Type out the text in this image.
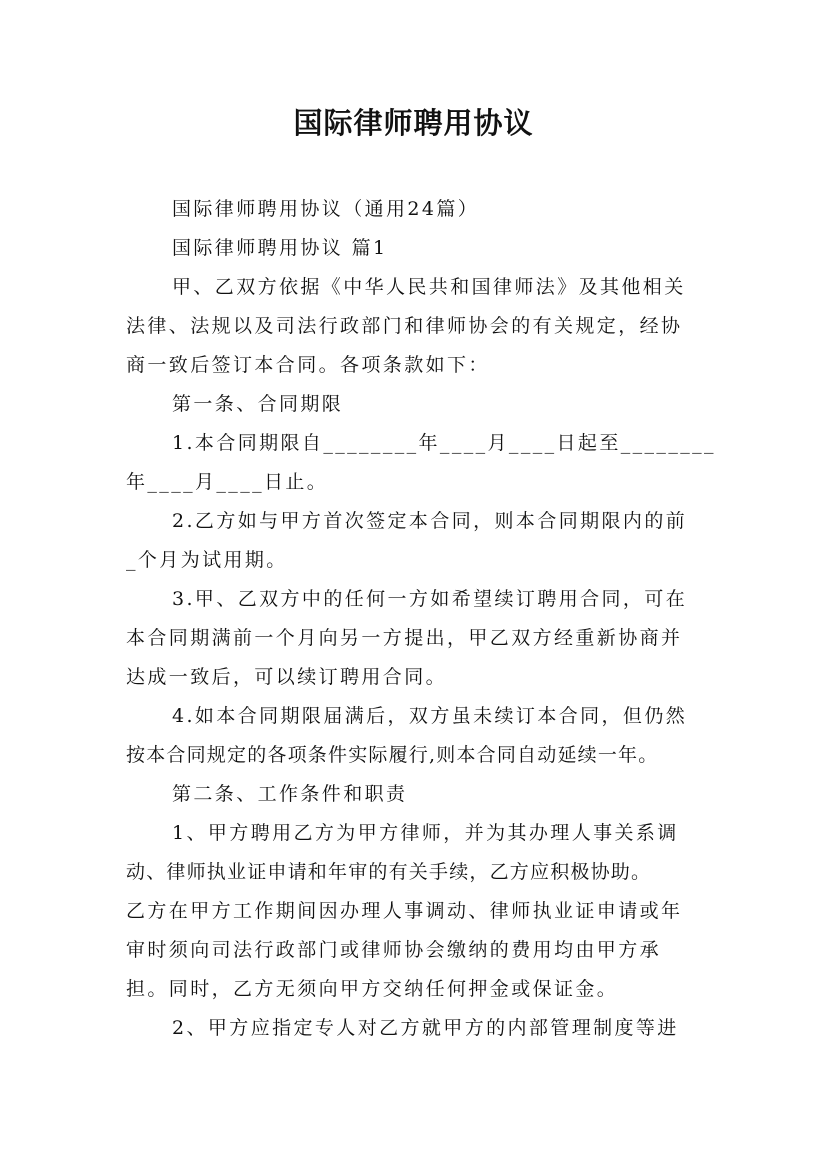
国际律师聘用协议
国际律师聘用协议（通用24篇）
国际律师聘用协议 篇1
甲、乙双方依据《中华人民共和国律师法》及其他相关
法律、法规以及司法行政部门和律师协会的有关规定，经协
商一致后签订本合同。各项条款如下：
第一条、合同期限
1.本合同期限自________年____月____日起至________
年____月____日止。
2.乙方如与甲方首次签定本合同，则本合同期限内的前
_个月为试用期。
3.甲、乙双方中的任何一方如希望续订聘用合同，可在
本合同期满前一个月向另一方提出，甲乙双方经重新协商并
达成一致后，可以续订聘用合同。
4.如本合同期限届满后，双方虽未续订本合同，但仍然
按本合同规定的各项条件实际履行,则本合同自动延续一年。
第二条、工作条件和职责
1、甲方聘用乙方为甲方律师，并为其办理人事关系调
动、律师执业证申请和年审的有关手续，乙方应积极协助。
乙方在甲方工作期间因办理人事调动、律师执业证申请或年
审时须向司法行政部门或律师协会缴纳的费用均由甲方承
担。同时，乙方无须向甲方交纳任何押金或保证金。
2、甲方应指定专人对乙方就甲方的内部管理制度等进
